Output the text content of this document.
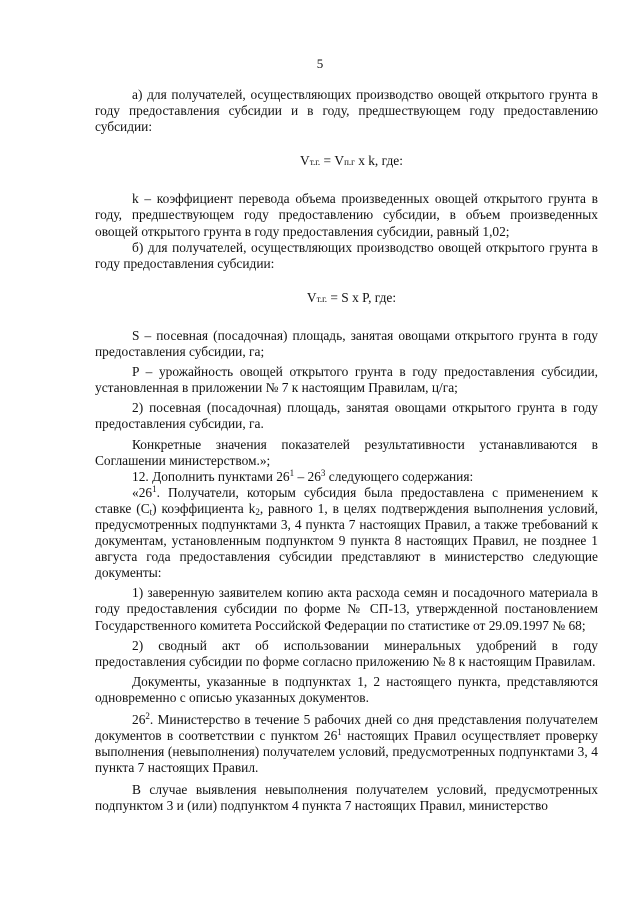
5

а) для получателей, осуществляющих производство овощей открытого грунта в году предоставления субсидии и в году, предшествующем году предоставлению субсидии:

Vт.г. = Vп.г x k, где:

k – коэффициент перевода объема произведенных овощей открытого грунта в году, предшествующем году предоставлению субсидии, в объем произведенных овощей открытого грунта в году предоставления субсидии, равный 1,02;

б) для получателей, осуществляющих производство овощей открытого грунта в году предоставления субсидии:

Vт.г. = S x P, где:

S – посевная (посадочная) площадь, занятая овощами открытого грунта в году предоставления субсидии, га;

P – урожайность овощей открытого грунта в году предоставления субсидии, установленная в приложении № 7 к настоящим Правилам, ц/га;

2) посевная (посадочная) площадь, занятая овощами открытого грунта в году предоставления субсидии, га.

Конкретные значения показателей результативности устанавливаются в Соглашении министерством.»;

12. Дополнить пунктами $26^1 - 26^3$ следующего содержания:

«$26^1$. Получатели, которым субсидия была предоставлена с применением к ставке (Ct) коэффициента k2, равного 1, в целях подтверждения выполнения условий, предусмотренных подпунктами 3, 4 пункта 7 настоящих Правил, а также требований к документам, установленным подпунктом 9 пункта 8 настоящих Правил, не позднее 1 августа года предоставления субсидии представляют в министерство следующие документы:

1) заверенную заявителем копию акта расхода семян и посадочного материала в году предоставления субсидии по форме № СП-13, утвержденной постановлением Государственного комитета Российской Федерации по статистике от 29.09.1997 № 68;

2) сводный акт об использовании минеральных удобрений в году предоставления субсидии по форме согласно приложению № 8 к настоящим Правилам.

Документы, указанные в подпунктах 1, 2 настоящего пункта, представляются одновременно с описью указанных документов.

$26^2$. Министерство в течение 5 рабочих дней со дня представления получателем документов в соответствии с пунктом $26^1$ настоящих Правил осуществляет проверку выполнения (невыполнения) получателем условий, предусмотренных подпунктами 3, 4 пункта 7 настоящих Правил.

В случае выявления невыполнения получателем условий, предусмотренных подпунктом 3 и (или) подпунктом 4 пункта 7 настоящих Правил, министерство
